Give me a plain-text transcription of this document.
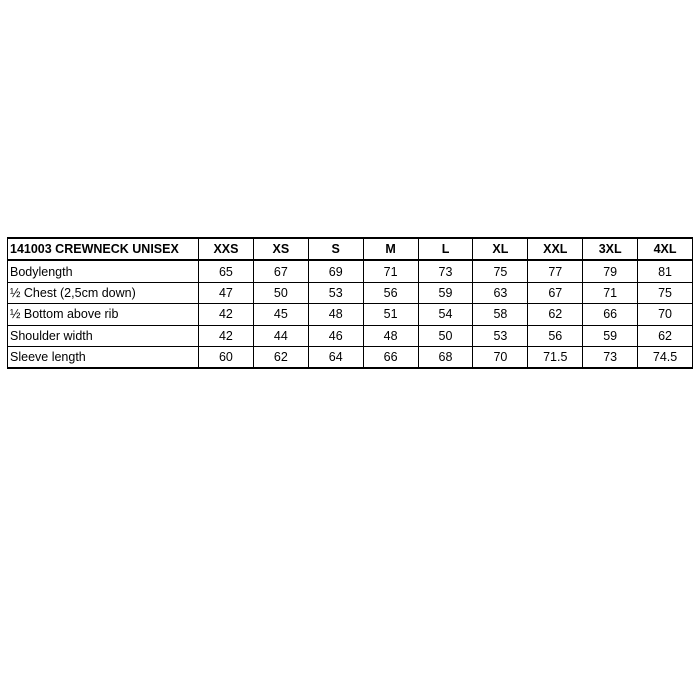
141003 CREWNECK UNISEX	XXS	XS	S	M	L	XL	XXL	3XL	4XL
Bodylength	65	67	69	71	73	75	77	79	81
½ Chest (2,5cm down)	47	50	53	56	59	63	67	71	75
½ Bottom above rib	42	45	48	51	54	58	62	66	70
Shoulder width	42	44	46	48	50	53	56	59	62
Sleeve length	60	62	64	66	68	70	71.5	73	74.5
